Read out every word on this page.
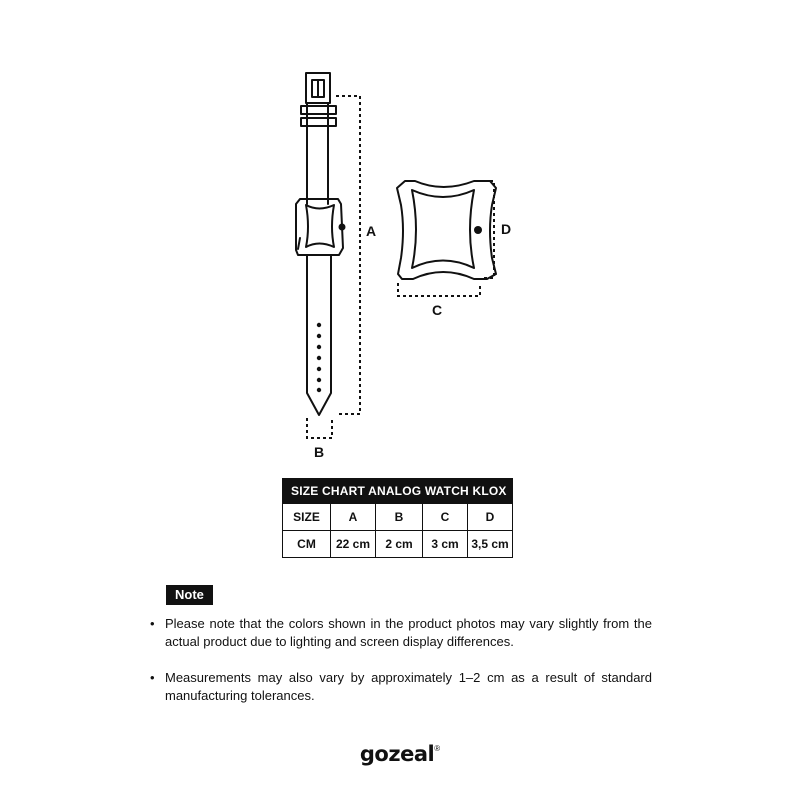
A
B
C
D
SIZE CHART ANALOG WATCH KLOX				
SIZE	A	B	C	D
CM	22 cm	2 cm	3 cm	3,5 cm
Note
• Please note that the colors shown in the product photos may vary slightly from the actual product due to lighting and screen display differences.
• Measurements may also vary by approximately 1–2 cm as a result of standard manufacturing tolerances.
gozeal®
